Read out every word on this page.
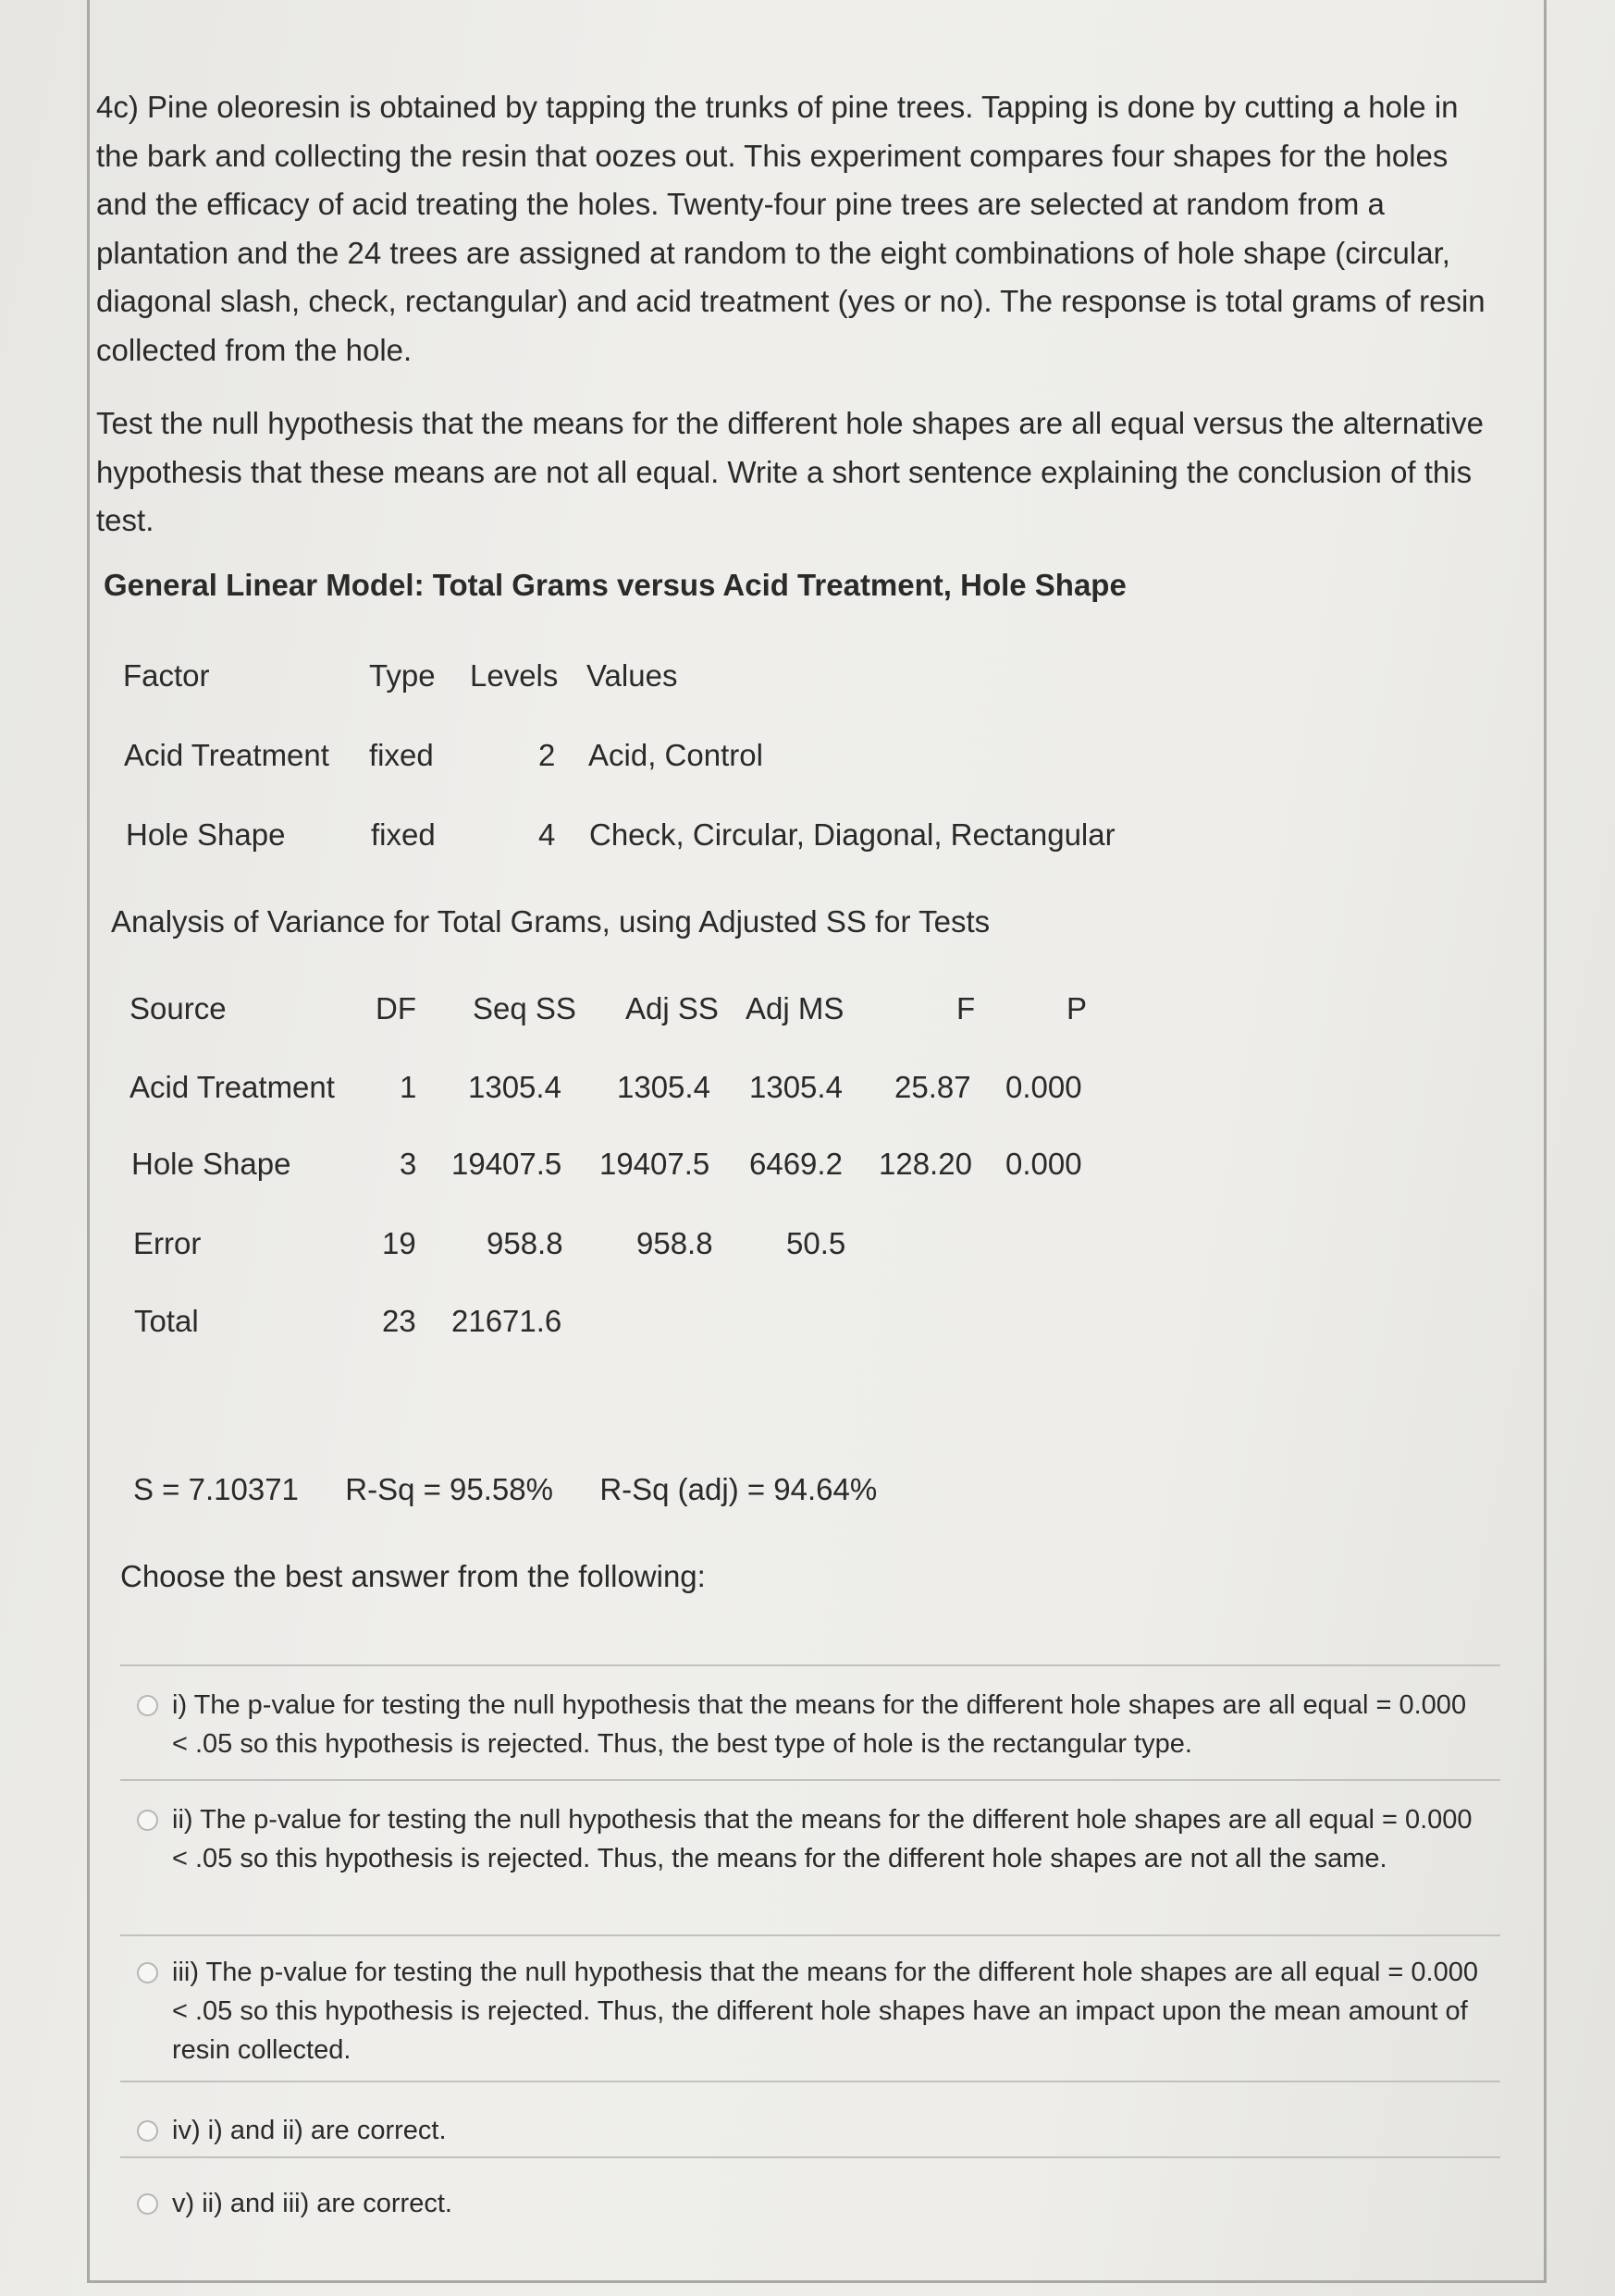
4c) Pine oleoresin is obtained by tapping the trunks of pine trees. Tapping is done by cutting a hole in the bark and collecting the resin that oozes out. This experiment compares four shapes for the holes and the efficacy of acid treating the holes. Twenty-four pine trees are selected at random from a plantation and the 24 trees are assigned at random to the eight combinations of hole shape (circular, diagonal slash, check, rectangular) and acid treatment (yes or no). The response is total grams of resin collected from the hole.

Test the null hypothesis that the means for the different hole shapes are all equal versus the alternative hypothesis that these means are not all equal. Write a short sentence explaining the conclusion of this test.

General Linear Model: Total Grams versus Acid Treatment, Hole Shape
Factor	Type Levels Values
Acid Treatment fixed	2 Acid, Control
Hole Shape	fixed	4 Check, Circular, Diagonal, Rectangular
Analysis of Variance for Total Grams, using Adjusted SS for Tests
Source	DF Seq SS Adj SS Adj MS	F	P
Acid Treatment 1 1305.4 1305.4 1305.4 25.87 0.000
Hole Shape	3 19407.5 19407.5 6469.2 128.20 0.000
Error	19 958.8 958.8 50.5
Total	23 21671.6
S = 7.10371 R-Sq = 95.58% R-Sq (adj) = 94.64%
Choose the best answer from the following:
i) The p-value for testing the null hypothesis that the means for the different hole shapes are all equal = 0.000 < .05 so this hypothesis is rejected. Thus, the best type of hole is the rectangular type.
ii) The p-value for testing the null hypothesis that the means for the different hole shapes are all equal = 0.000 < .05 so this hypothesis is rejected. Thus, the means for the different hole shapes are not all the same.
iii) The p-value for testing the null hypothesis that the means for the different hole shapes are all equal = 0.000 < .05 so this hypothesis is rejected. Thus, the different hole shapes have an impact upon the mean amount of resin collected.
iv) i) and ii) are correct.
v) ii) and iii) are correct.
